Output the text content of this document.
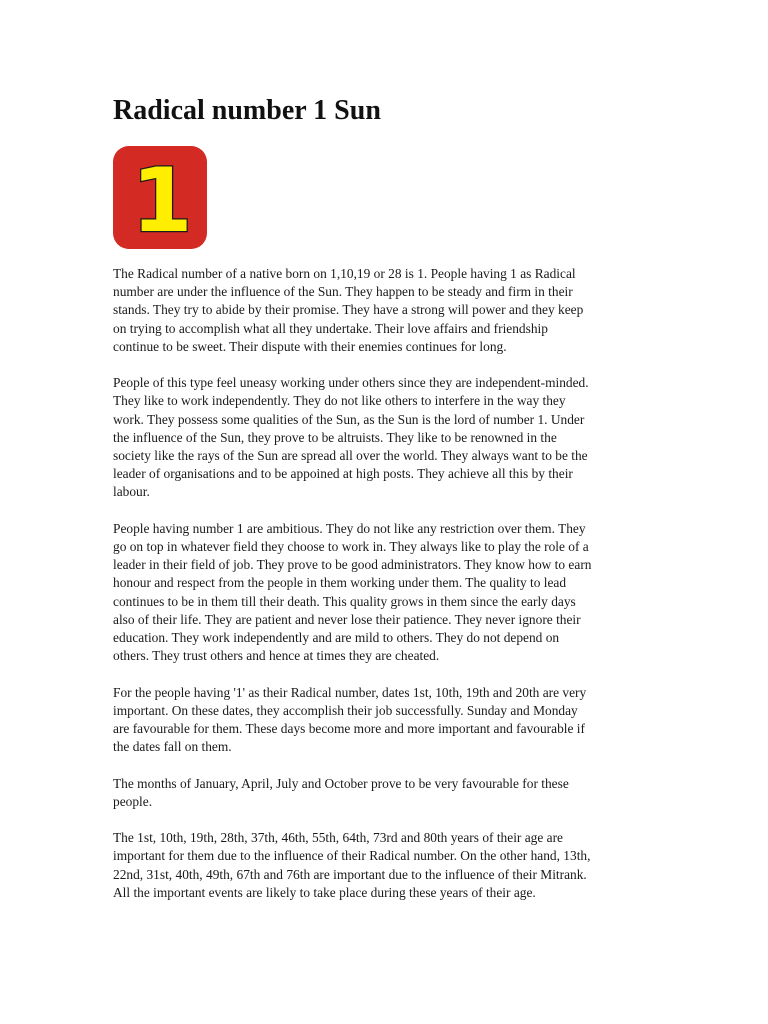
Radical number 1 Sun
1

The Radical number of a native born on 1,10,19 or 28 is 1. People having 1 as Radical
number are under the influence of the Sun. They happen to be steady and firm in their
stands. They try to abide by their promise. They have a strong will power and they keep
on trying to accomplish what all they undertake. Their love affairs and friendship
continue to be sweet. Their dispute with their enemies continues for long.

People of this type feel uneasy working under others since they are independent-minded.
They like to work independently. They do not like others to interfere in the way they
work. They possess some qualities of the Sun, as the Sun is the lord of number 1. Under
the influence of the Sun, they prove to be altruists. They like to be renowned in the
society like the rays of the Sun are spread all over the world. They always want to be the
leader of organisations and to be appoined at high posts. They achieve all this by their
labour.

People having number 1 are ambitious. They do not like any restriction over them. They
go on top in whatever field they choose to work in. They always like to play the role of a
leader in their field of job. They prove to be good administrators. They know how to earn
honour and respect from the people in them working under them. The quality to lead
continues to be in them till their death. This quality grows in them since the early days
also of their life. They are patient and never lose their patience. They never ignore their
education. They work independently and are mild to others. They do not depend on
others. They trust others and hence at times they are cheated.

For the people having '1' as their Radical number, dates 1st, 10th, 19th and 20th are very
important. On these dates, they accomplish their job successfully. Sunday and Monday
are favourable for them. These days become more and more important and favourable if
the dates fall on them.

The months of January, April, July and October prove to be very favourable for these
people.

The 1st, 10th, 19th, 28th, 37th, 46th, 55th, 64th, 73rd and 80th years of their age are
important for them due to the influence of their Radical number. On the other hand, 13th,
22nd, 31st, 40th, 49th, 67th and 76th are important due to the influence of their Mitrank.
All the important events are likely to take place during these years of their age.
